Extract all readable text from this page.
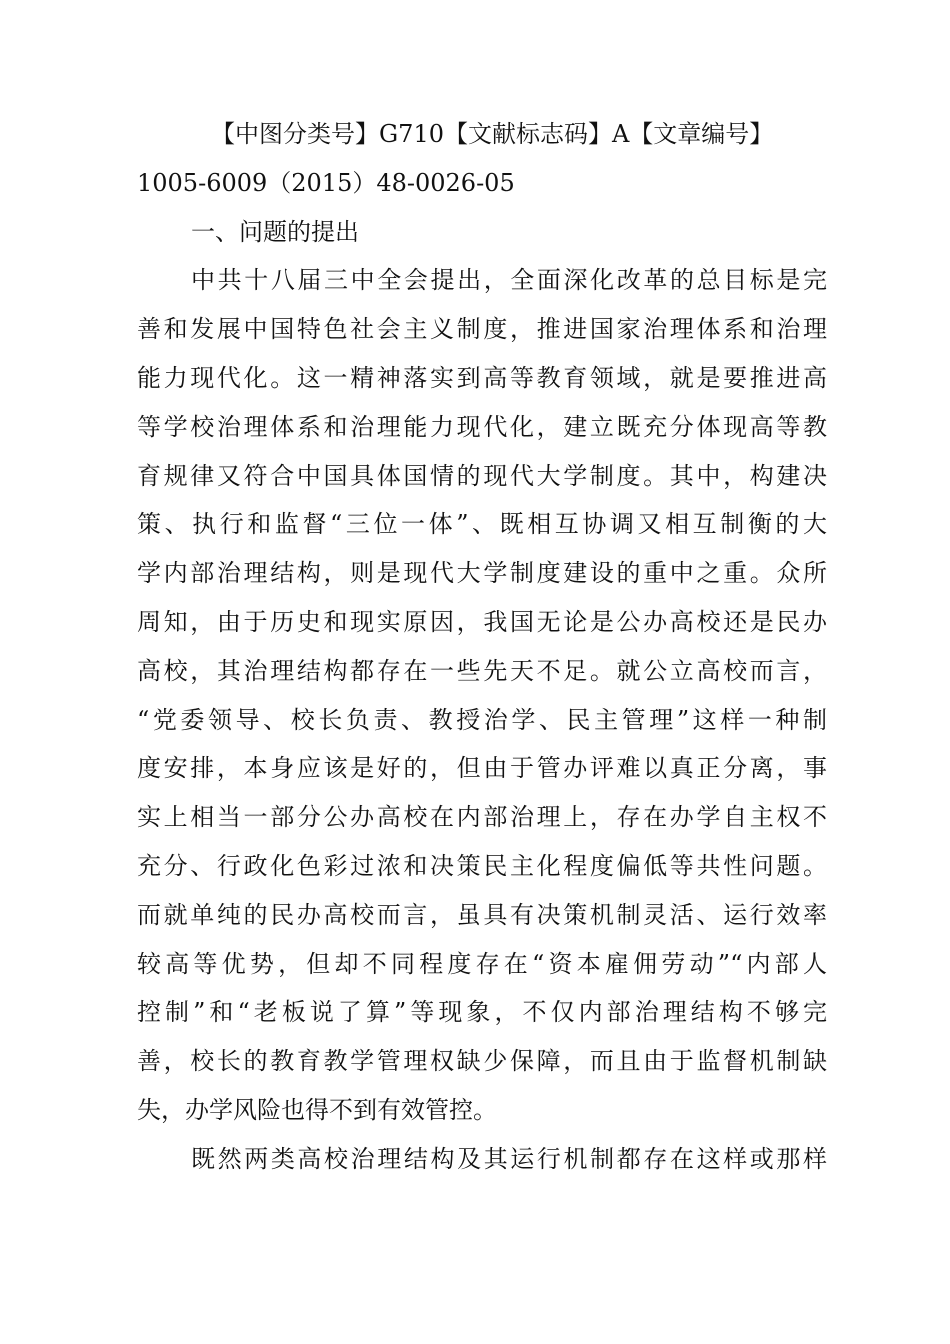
【中图分类号】G710【文献标志码】A【文章编号】
1005-6009（2015）48-0026-05
一、问题的提出
中共十八届三中全会提出，全面深化改革的总目标是完
善和发展中国特色社会主义制度，推进国家治理体系和治理
能力现代化。这一精神落实到高等教育领域，就是要推进高
等学校治理体系和治理能力现代化，建立既充分体现高等教
育规律又符合中国具体国情的现代大学制度。其中，构建决
策、执行和监督“三位一体”、既相互协调又相互制衡的大
学内部治理结构，则是现代大学制度建设的重中之重。众所
周知，由于历史和现实原因，我国无论是公办高校还是民办
高校，其治理结构都存在一些先天不足。就公立高校而言，
“党委领导、校长负责、教授治学、民主管理”这样一种制
度安排，本身应该是好的，但由于管办评难以真正分离，事
实上相当一部分公办高校在内部治理上，存在办学自主权不
充分、行政化色彩过浓和决策民主化程度偏低等共性问题。
而就单纯的民办高校而言，虽具有决策机制灵活、运行效率
较高等优势，但却不同程度存在“资本雇佣劳动”“内部人
控制”和“老板说了算”等现象，不仅内部治理结构不够完
善，校长的教育教学管理权缺少保障，而且由于监督机制缺
失，办学风险也得不到有效管控。
既然两类高校治理结构及其运行机制都存在这样或那样
